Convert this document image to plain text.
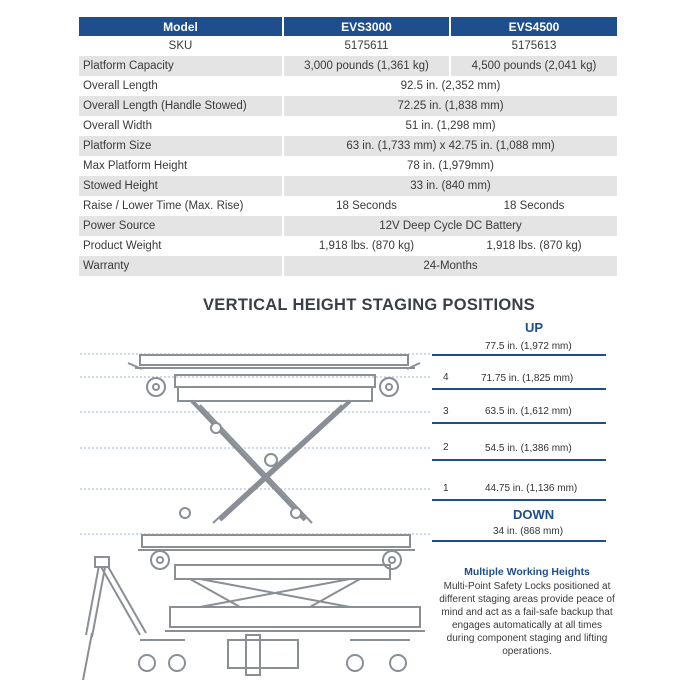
Model	EVS3000	EVS4500
SKU	5175611	5175613
Platform Capacity	3,000 pounds (1,361 kg)	4,500 pounds (2,041 kg)
Overall Length	92.5 in. (2,352 mm)	
Overall Length (Handle Stowed)	72.25 in. (1,838 mm)	
Overall Width	51 in. (1,298 mm)	
Platform Size	63 in. (1,733 mm) x 42.75 in. (1,088 mm)	
Max Platform Height	78 in. (1,979mm)	
Stowed Height	33 in. (840 mm)	
Raise / Lower Time (Max. Rise)	18 Seconds	18 Seconds
Power Source	12V Deep Cycle DC Battery	
Product Weight	1,918 lbs. (870 kg)	1,918 lbs. (870 kg)
Warranty	24-Months	
VERTICAL HEIGHT STAGING POSITIONS
UP
77.5 in. (1,972 mm)
4	71.75 in. (1,825 mm)
3	63.5 in. (1,612 mm)
2	54.5 in. (1,386 mm)
1	44.75 in. (1,136 mm)
DOWN
34 in. (868 mm)
Multiple Working Heights
Multi-Point Safety Locks positioned at different staging areas provide peace of mind and act as a fail-safe backup that engages automatically at all times during component staging and lifting operations.
